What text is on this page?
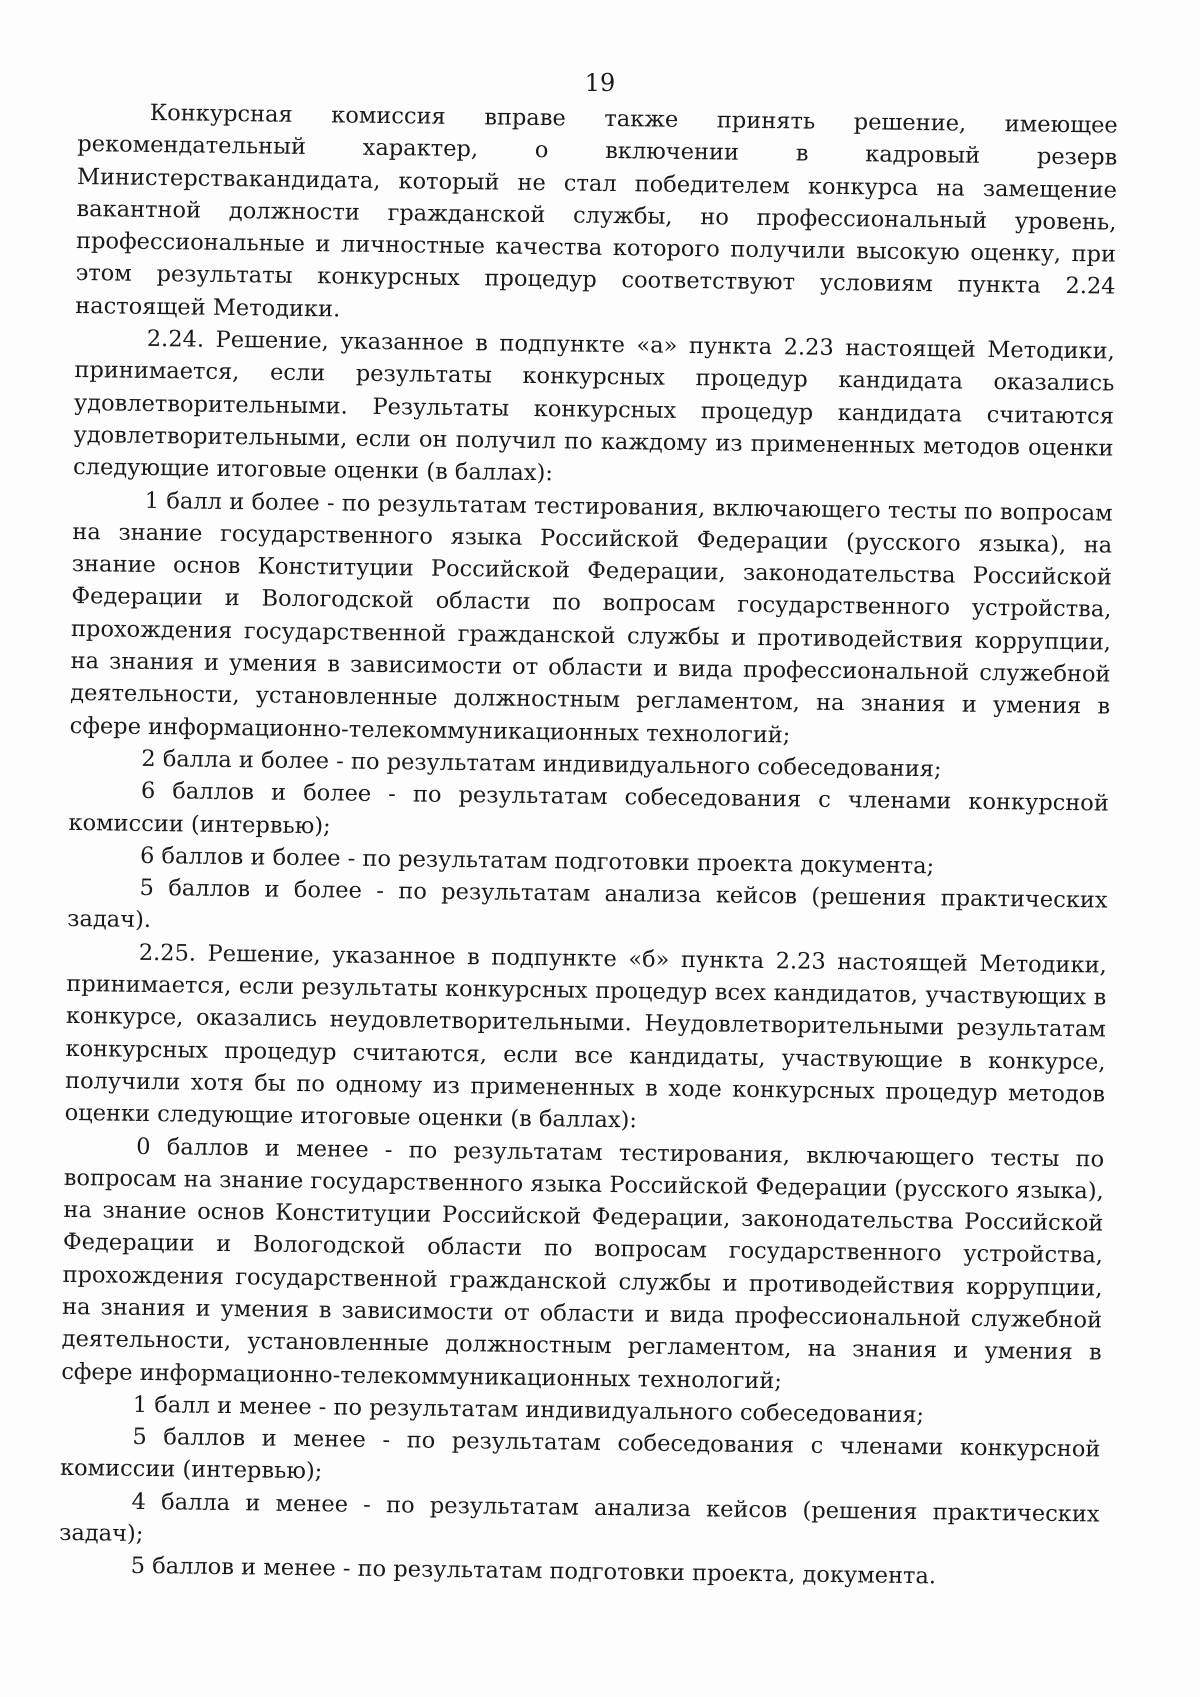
19

Конкурсная комиссия вправе также принять решение, имеющее рекомендательный характер, о включении в кадровый резерв Министерствакандидата, который не стал победителем конкурса на замещение вакантной должности гражданской службы, но профессиональный уровень, профессиональные и личностные качества которого получили высокую оценку, при этом результаты конкурсных процедур соответствуют условиям пункта 2.24 настоящей Методики.

2.24. Решение, указанное в подпункте «а» пункта 2.23 настоящей Методики, принимается, если результаты конкурсных процедур кандидата оказались удовлетворительными. Результаты конкурсных процедур кандидата считаются удовлетворительными, если он получил по каждому из примененных методов оценки следующие итоговые оценки (в баллах):

1 балл и более - по результатам тестирования, включающего тесты по вопросам на знание государственного языка Российской Федерации (русского языка), на знание основ Конституции Российской Федерации, законодательства Российской Федерации и Вологодской области по вопросам государственного устройства, прохождения государственной гражданской службы и противодействия коррупции, на знания и умения в зависимости от области и вида профессиональной служебной деятельности, установленные должностным регламентом, на знания и умения в сфере информационно-телекоммуникационных технологий;

2 балла и более - по результатам индивидуального собеседования;

6 баллов и более - по результатам собеседования с членами конкурсной комиссии (интервью);

6 баллов и более - по результатам подготовки проекта документа;

5 баллов и более - по результатам анализа кейсов (решения практических задач).

2.25. Решение, указанное в подпункте «б» пункта 2.23 настоящей Методики, принимается, если результаты конкурсных процедур всех кандидатов, участвующих в конкурсе, оказались неудовлетворительными. Неудовлетворительными результатам конкурсных процедур считаются, если все кандидаты, участвующие в конкурсе, получили хотя бы по одному из примененных в ходе конкурсных процедур методов оценки следующие итоговые оценки (в баллах):

0 баллов и менее - по результатам тестирования, включающего тесты по вопросам на знание государственного языка Российской Федерации (русского языка), на знание основ Конституции Российской Федерации, законодательства Российской Федерации и Вологодской области по вопросам государственного устройства, прохождения государственной гражданской службы и противодействия коррупции, на знания и умения в зависимости от области и вида профессиональной служебной деятельности, установленные должностным регламентом, на знания и умения в сфере информационно-телекоммуникационных технологий;

1 балл и менее - по результатам индивидуального собеседования;

5 баллов и менее - по результатам собеседования с членами конкурсной комиссии (интервью);

4 балла и менее - по результатам анализа кейсов (решения практических задач);

5 баллов и менее - по результатам подготовки проекта, документа.
